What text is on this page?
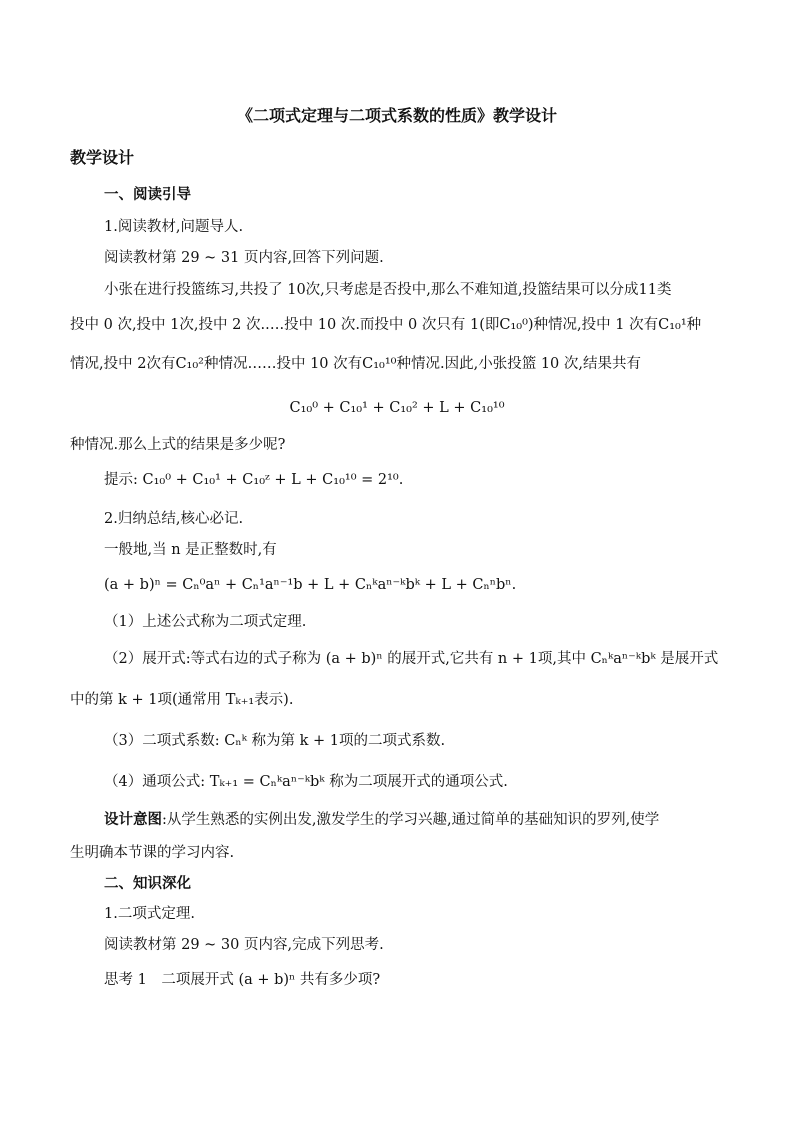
《二项式定理与二项式系数的性质》教学设计
教学设计
一、阅读引导
1.阅读教材,问题导人.
阅读教材第 29 ~ 31 页内容,回答下列问题.
小张在进行投篮练习,共投了 10次,只考虑是否投中,那么不难知道,投篮结果可以分成11类
投中 0 次,投中 1次,投中 2 次.….投中 10 次.而投中 0 次只有 1(即C₁₀⁰)种情况,投中 1 次有C₁₀¹种
情况,投中 2次有C₁₀²种情况……投中 10 次有C₁₀¹⁰种情况.因此,小张投篮 10 次,结果共有
C₁₀⁰ + C₁₀¹ + C₁₀² + L + C₁₀¹⁰
种情况.那么上式的结果是多少呢?
提示: C₁₀⁰ + C₁₀¹ + C₁₀ᶻ + L + C₁₀¹⁰ = 2¹⁰.
2.归纳总结,核心必记.
一般地,当 n 是正整数时,有
(a + b)ⁿ = Cₙ⁰aⁿ + Cₙ¹aⁿ⁻¹b + L + Cₙᵏaⁿ⁻ᵏbᵏ + L + Cₙⁿbⁿ.
（1）上述公式称为二项式定理.
（2）展开式:等式右边的式子称为 (a + b)ⁿ 的展开式,它共有 n + 1项,其中 Cₙᵏaⁿ⁻ᵏbᵏ 是展开式
中的第 k + 1项(通常用 Tₖ₊₁表示).
（3）二项式系数: Cₙᵏ 称为第 k + 1项的二项式系数.
（4）通项公式: Tₖ₊₁ = Cₙᵏaⁿ⁻ᵏbᵏ 称为二项展开式的通项公式.
设计意图:从学生熟悉的实例出发,激发学生的学习兴趣,通过简单的基础知识的罗列,使学
生明确本节课的学习内容.
二、知识深化
1.二项式定理.
阅读教材第 29 ~ 30 页内容,完成下列思考.
思考 1　二项展开式 (a + b)ⁿ 共有多少项?
